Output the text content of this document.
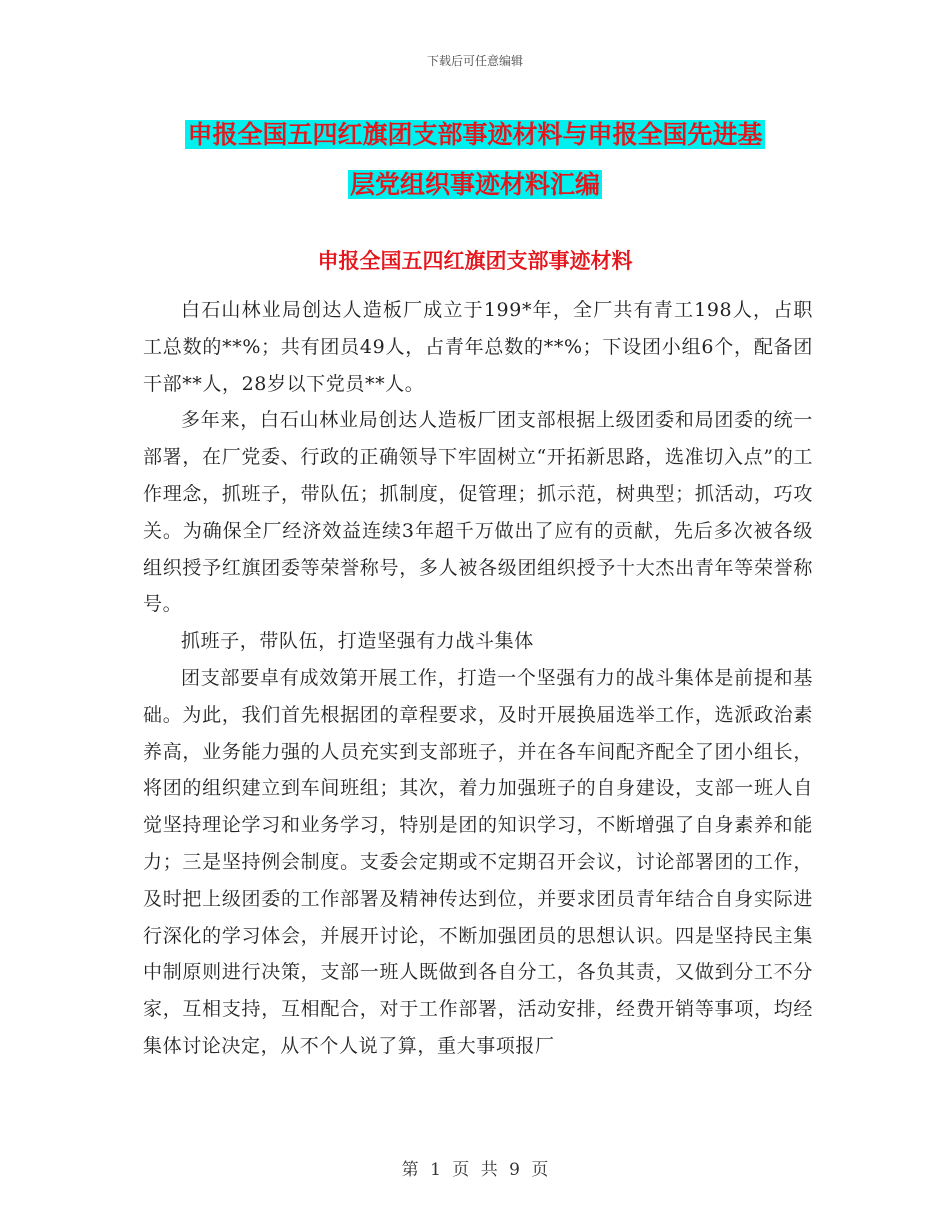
下载后可任意编辑
申报全国五四红旗团支部事迹材料与申报全国先进基
层党组织事迹材料汇编
申报全国五四红旗团支部事迹材料

白石山林业局创达人造板厂成立于199*年，全厂共有青工198人，占职工总数的**%；共有团员49人，占青年总数的**%；下设团小组6个，配备团干部**人，28岁以下党员**人。

多年来，白石山林业局创达人造板厂团支部根据上级团委和局团委的统一部署，在厂党委、行政的正确领导下牢固树立“开拓新思路，选准切入点”的工作理念，抓班子，带队伍；抓制度，促管理；抓示范，树典型；抓活动，巧攻关。为确保全厂经济效益连续3年超千万做出了应有的贡献，先后多次被各级组织授予红旗团委等荣誉称号，多人被各级团组织授予十大杰出青年等荣誉称号。

抓班子，带队伍，打造坚强有力战斗集体

团支部要卓有成效第开展工作，打造一个坚强有力的战斗集体是前提和基础。为此，我们首先根据团的章程要求，及时开展换届选举工作，选派政治素养高，业务能力强的人员充实到支部班子，并在各车间配齐配全了团小组长，将团的组织建立到车间班组；其次，着力加强班子的自身建设，支部一班人自觉坚持理论学习和业务学习，特别是团的知识学习，不断增强了自身素养和能力；三是坚持例会制度。支委会定期或不定期召开会议，讨论部署团的工作，及时把上级团委的工作部署及精神传达到位，并要求团员青年结合自身实际进行深化的学习体会，并展开讨论，不断加强团员的思想认识。四是坚持民主集中制原则进行决策，支部一班人既做到各自分工，各负其责，又做到分工不分家，互相支持，互相配合，对于工作部署，活动安排，经费开销等事项，均经集体讨论决定，从不个人说了算，重大事项报厂

第 1 页 共 9 页
